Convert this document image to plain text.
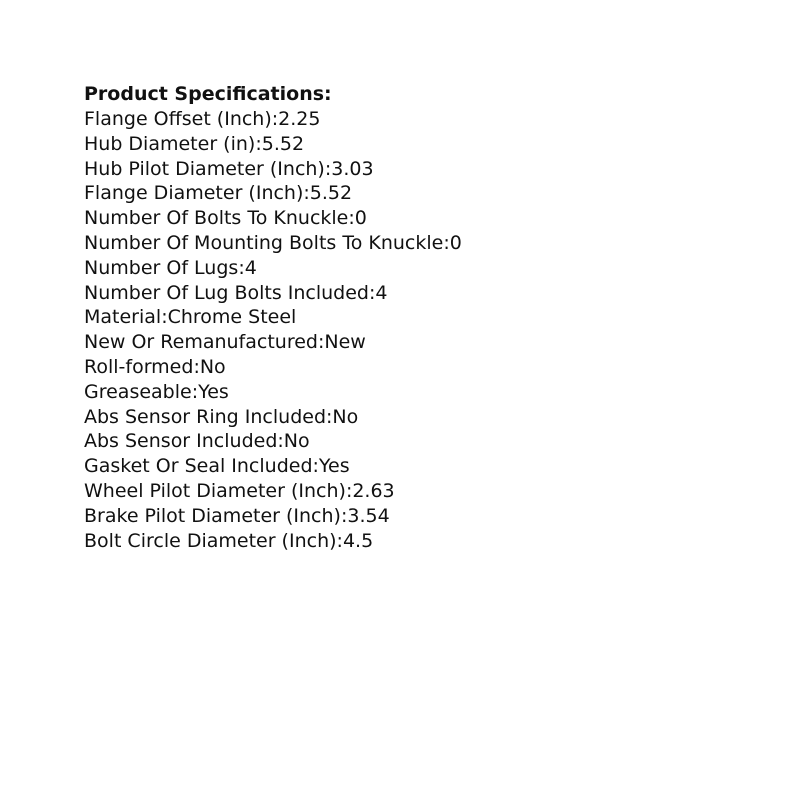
Product Specifications:
Flange Offset (Inch):2.25
Hub Diameter (in):5.52
Hub Pilot Diameter (Inch):3.03
Flange Diameter (Inch):5.52
Number Of Bolts To Knuckle:0
Number Of Mounting Bolts To Knuckle:0
Number Of Lugs:4
Number Of Lug Bolts Included:4
Material:Chrome Steel
New Or Remanufactured:New
Roll-formed:No
Greaseable:Yes
Abs Sensor Ring Included:No
Abs Sensor Included:No
Gasket Or Seal Included:Yes
Wheel Pilot Diameter (Inch):2.63
Brake Pilot Diameter (Inch):3.54
Bolt Circle Diameter (Inch):4.5
